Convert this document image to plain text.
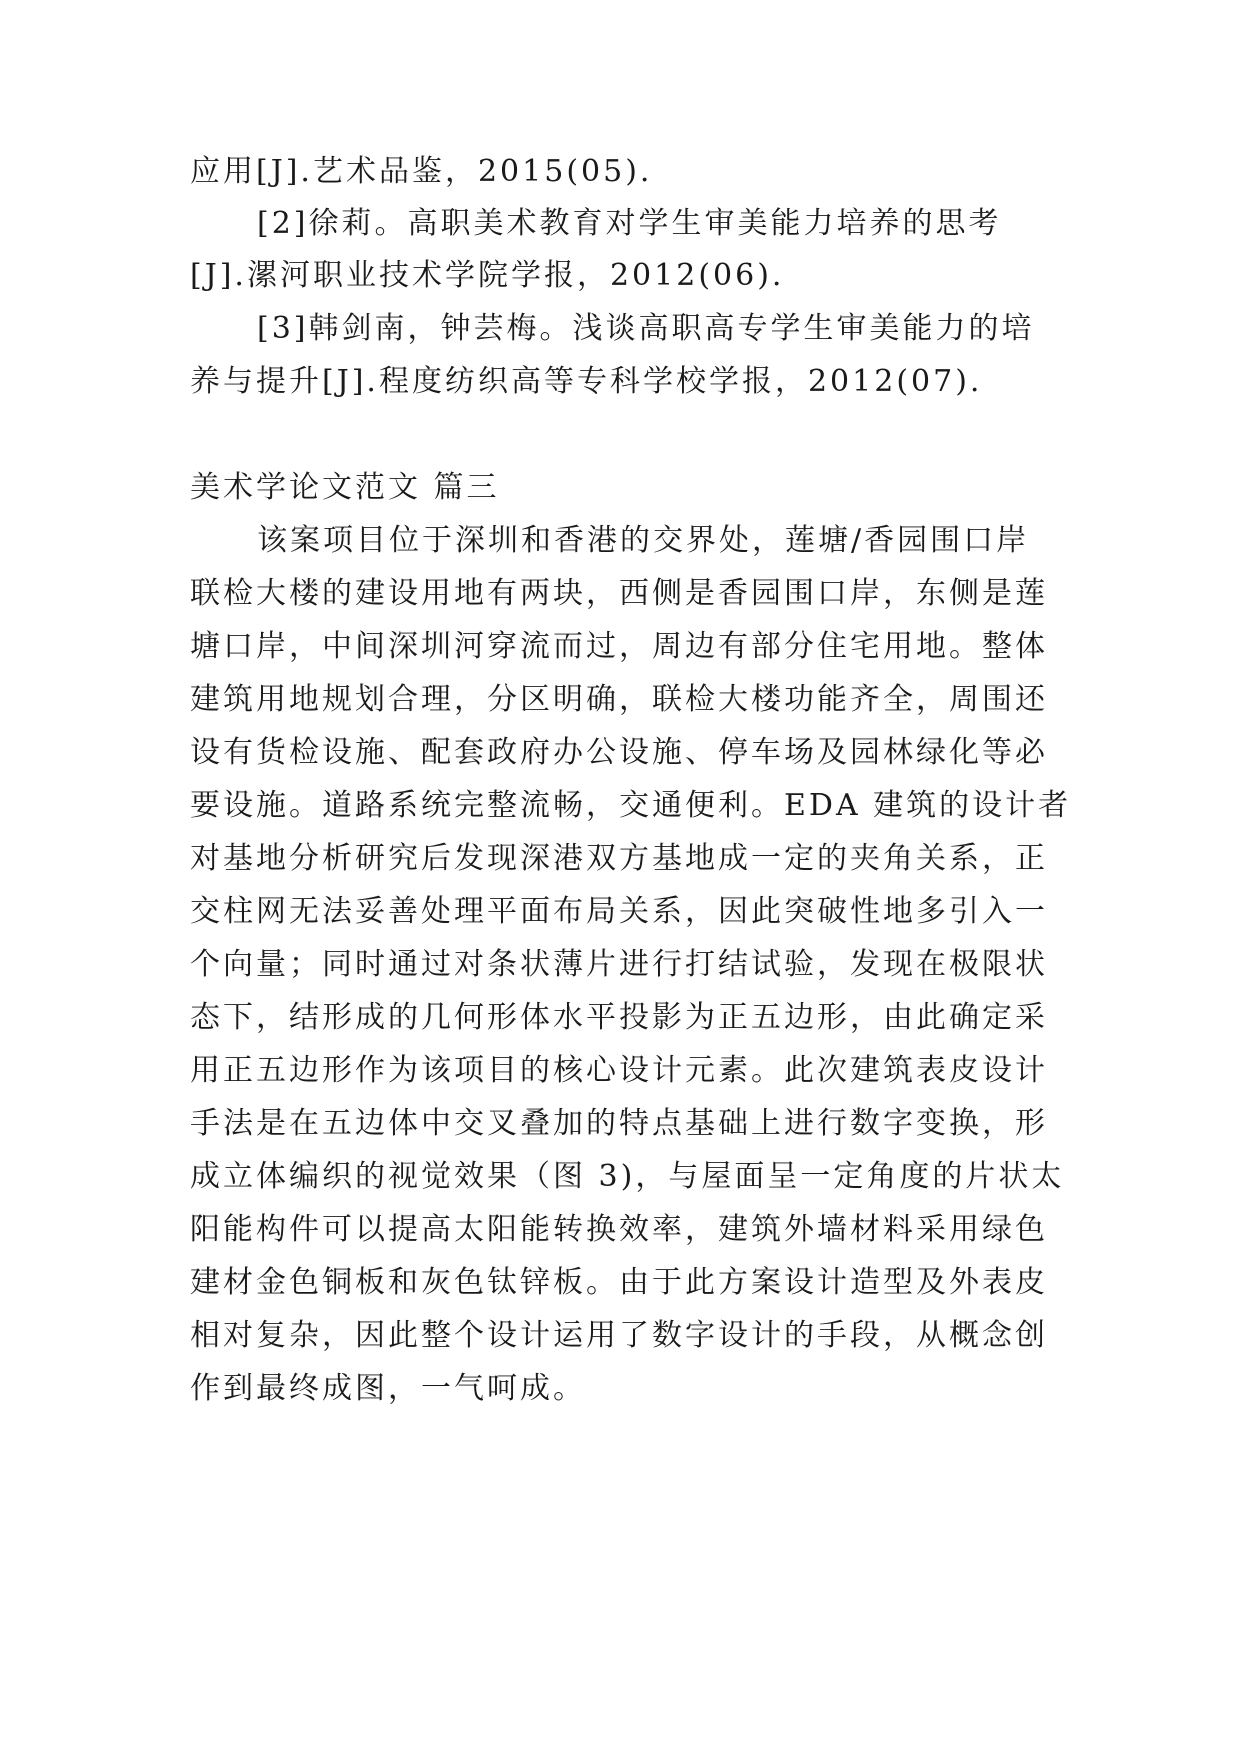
应用[J].艺术品鉴，2015(05).
[2]徐莉。高职美术教育对学生审美能力培养的思考
[J].漯河职业技术学院学报，2012(06).
[3]韩剑南，钟芸梅。浅谈高职高专学生审美能力的培
养与提升[J].程度纺织高等专科学校学报，2012(07).
美术学论文范文 篇三
该案项目位于深圳和香港的交界处，莲塘/香园围口岸
联检大楼的建设用地有两块，西侧是香园围口岸，东侧是莲
塘口岸，中间深圳河穿流而过，周边有部分住宅用地。整体
建筑用地规划合理，分区明确，联检大楼功能齐全，周围还
设有货检设施、配套政府办公设施、停车场及园林绿化等必
要设施。道路系统完整流畅，交通便利。EDA 建筑的设计者
对基地分析研究后发现深港双方基地成一定的夹角关系，正
交柱网无法妥善处理平面布局关系，因此突破性地多引入一
个向量；同时通过对条状薄片进行打结试验，发现在极限状
态下，结形成的几何形体水平投影为正五边形，由此确定采
用正五边形作为该项目的核心设计元素。此次建筑表皮设计
手法是在五边体中交叉叠加的特点基础上进行数字变换，形
成立体编织的视觉效果（图 3)，与屋面呈一定角度的片状太
阳能构件可以提高太阳能转换效率，建筑外墙材料采用绿色
建材金色铜板和灰色钛锌板。由于此方案设计造型及外表皮
相对复杂，因此整个设计运用了数字设计的手段，从概念创
作到最终成图，一气呵成。
